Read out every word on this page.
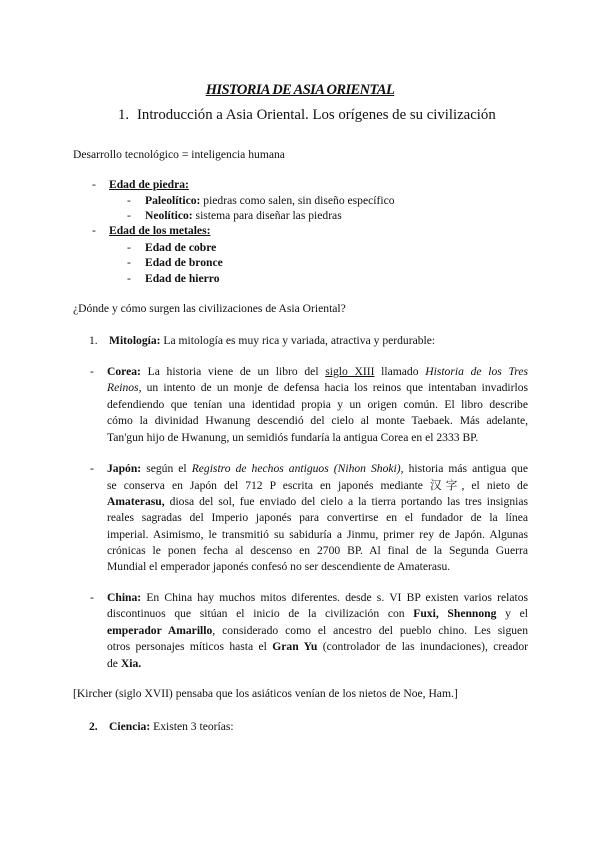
HISTORIA DE ASIA ORIENTAL
1. Introducción a Asia Oriental. Los orígenes de su civilización
Desarrollo tecnológico = inteligencia humana
- Edad de piedra:
- Paleolítico: piedras como salen, sin diseño específico
- Neolítico: sistema para diseñar las piedras
- Edad de los metales:
- Edad de cobre
- Edad de bronce
- Edad de hierro
¿Dónde y cómo surgen las civilizaciones de Asia Oriental?
1. Mitología: La mitología es muy rica y variada, atractiva y perdurable:
- Corea: La historia viene de un libro del siglo XIII llamado Historia de los Tres
Reinos, un intento de un monje de defensa hacia los reinos que intentaban invadirlos
defendiendo que tenían una identidad propia y un origen común. El libro describe
cómo la divinidad Hwanung descendió del cielo al monte Taebaek. Más adelante,
Tan'gun hijo de Hwanung, un semidiós fundaría la antigua Corea en el 2333 BP.
- Japón: según el Registro de hechos antiguos (Nihon Shoki), historia más antigua que
se conserva en Japón del 712 P escrita en japonés mediante 汉字, el nieto de
Amaterasu, diosa del sol, fue enviado del cielo a la tierra portando las tres insignias
reales sagradas del Imperio japonés para convertirse en el fundador de la línea
imperial. Asimismo, le transmitió su sabiduría a Jinmu, primer rey de Japón. Algunas
crónicas le ponen fecha al descenso en 2700 BP. Al final de la Segunda Guerra
Mundial el emperador japonés confesó no ser descendiente de Amaterasu.
- China: En China hay muchos mitos diferentes. desde s. VI BP existen varios relatos
discontinuos que sitúan el inicio de la civilización con Fuxi, Shennong y el
emperador Amarillo, considerado como el ancestro del pueblo chino. Les siguen
otros personajes míticos hasta el Gran Yu (controlador de las inundaciones), creador
de Xia.
[Kircher (siglo XVII) pensaba que los asiáticos venían de los nietos de Noe, Ham.]
2. Ciencia: Existen 3 teorías:
